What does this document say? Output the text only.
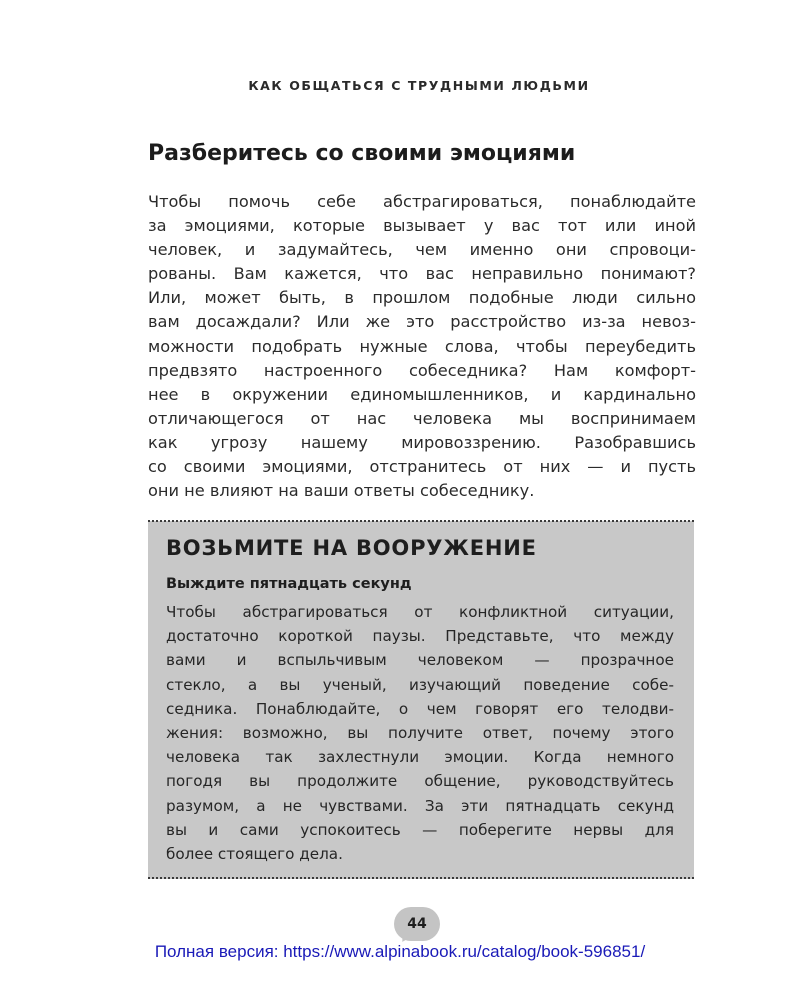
КАК ОБЩАТЬСЯ С ТРУДНЫМИ ЛЮДЬМИ
Разберитесь со своими эмоциями
Чтобы помочь себе абстрагироваться, понаблюдайте
за эмоциями, которые вызывает у вас тот или иной
человек, и задумайтесь, чем именно они спровоци-
рованы. Вам кажется, что вас неправильно понимают?
Или, может быть, в прошлом подобные люди сильно
вам досаждали? Или же это расстройство из-за невоз-
можности подобрать нужные слова, чтобы переубедить
предвзято настроенного собеседника? Нам комфорт-
нее в окружении единомышленников, и кардинально
отличающегося от нас человека мы воспринимаем
как угрозу нашему мировоззрению. Разобравшись
со своими эмоциями, отстранитесь от них — и пусть
они не влияют на ваши ответы собеседнику.
ВОЗЬМИТЕ НА ВООРУЖЕНИЕ
Выждите пятнадцать секунд
Чтобы абстрагироваться от конфликтной ситуации,
достаточно короткой паузы. Представьте, что между
вами и вспыльчивым человеком — прозрачное
стекло, а вы ученый, изучающий поведение собе-
седника. Понаблюдайте, о чем говорят его телодви-
жения: возможно, вы получите ответ, почему этого
человека так захлестнули эмоции. Когда немного
погодя вы продолжите общение, руководствуйтесь
разумом, а не чувствами. За эти пятнадцать секунд
вы и сами успокоитесь — поберегите нервы для
более стоящего дела.
44
Полная версия: https://www.alpinabook.ru/catalog/book-596851/
